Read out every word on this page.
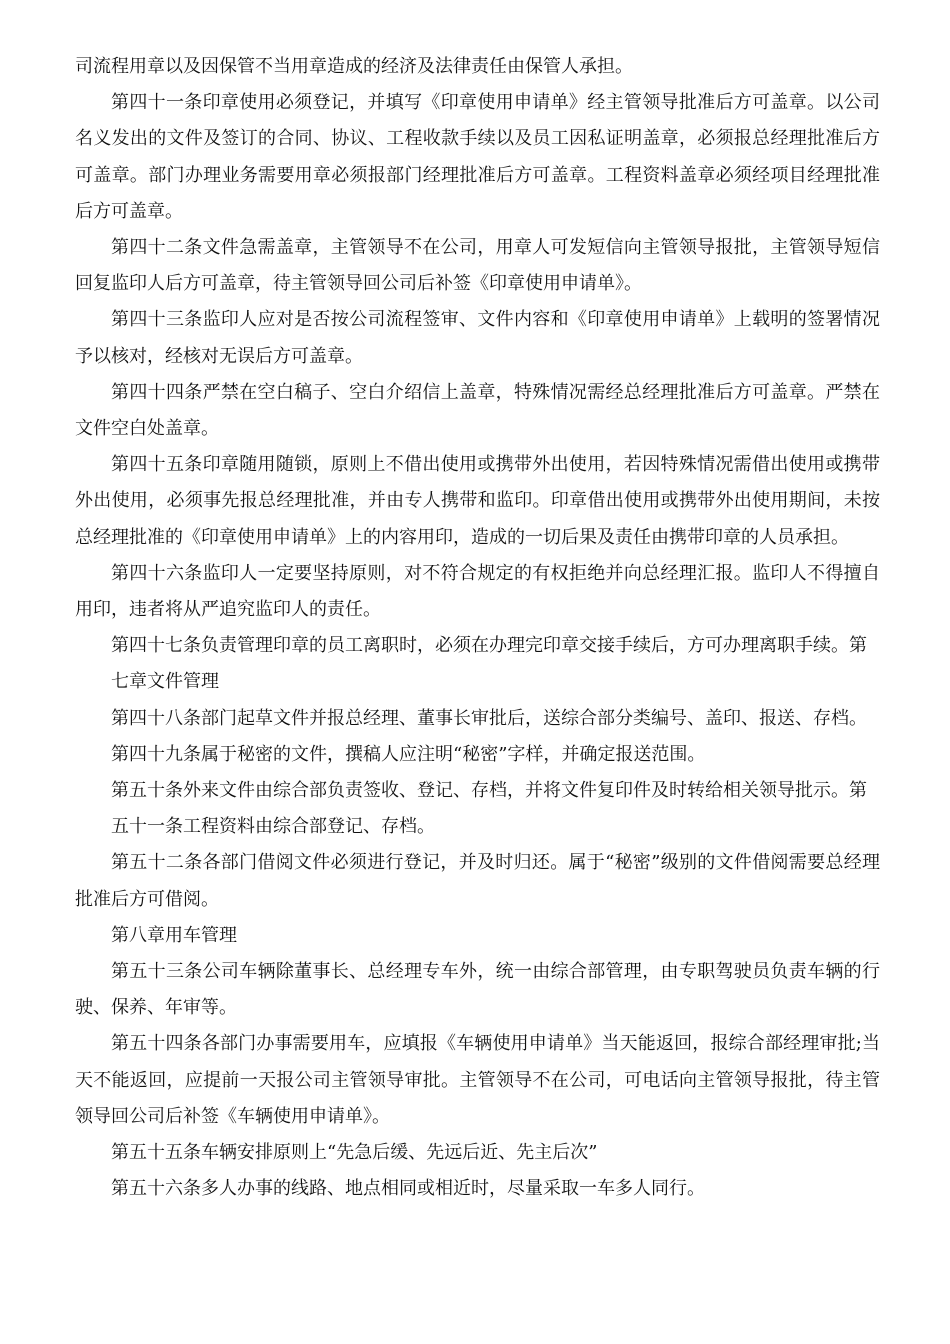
司流程用章以及因保管不当用章造成的经济及法律责任由保管人承担。

第四十一条印章使用必须登记，并填写《印章使用申请单》经主管领导批准后方可盖章。以公司名义发出的文件及签订的合同、协议、工程收款手续以及员工因私证明盖章，必须报总经理批准后方可盖章。部门办理业务需要用章必须报部门经理批准后方可盖章。工程资料盖章必须经项目经理批准后方可盖章。

第四十二条文件急需盖章，主管领导不在公司，用章人可发短信向主管领导报批，主管领导短信回复监印人后方可盖章，待主管领导回公司后补签《印章使用申请单》。

第四十三条监印人应对是否按公司流程签审、文件内容和《印章使用申请单》上载明的签署情况予以核对，经核对无误后方可盖章。

第四十四条严禁在空白稿子、空白介绍信上盖章，特殊情况需经总经理批准后方可盖章。严禁在文件空白处盖章。

第四十五条印章随用随锁，原则上不借出使用或携带外出使用，若因特殊情况需借出使用或携带外出使用，必须事先报总经理批准，并由专人携带和监印。印章借出使用或携带外出使用期间，未按总经理批准的《印章使用申请单》上的内容用印，造成的一切后果及责任由携带印章的人员承担。

第四十六条监印人一定要坚持原则，对不符合规定的有权拒绝并向总经理汇报。监印人不得擅自用印，违者将从严追究监印人的责任。

第四十七条负责管理印章的员工离职时，必须在办理完印章交接手续后，方可办理离职手续。第

七章文件管理

第四十八条部门起草文件并报总经理、董事长审批后，送综合部分类编号、盖印、报送、存档。

第四十九条属于秘密的文件，撰稿人应注明“秘密”字样，并确定报送范围。

第五十条外来文件由综合部负责签收、登记、存档，并将文件复印件及时转给相关领导批示。第

五十一条工程资料由综合部登记、存档。

第五十二条各部门借阅文件必须进行登记，并及时归还。属于“秘密”级别的文件借阅需要总经理批准后方可借阅。

第八章用车管理

第五十三条公司车辆除董事长、总经理专车外，统一由综合部管理，由专职驾驶员负责车辆的行驶、保养、年审等。

第五十四条各部门办事需要用车，应填报《车辆使用申请单》当天能返回，报综合部经理审批;当天不能返回，应提前一天报公司主管领导审批。主管领导不在公司，可电话向主管领导报批，待主管领导回公司后补签《车辆使用申请单》。

第五十五条车辆安排原则上“先急后缓、先远后近、先主后次”

第五十六条多人办事的线路、地点相同或相近时，尽量采取一车多人同行。
